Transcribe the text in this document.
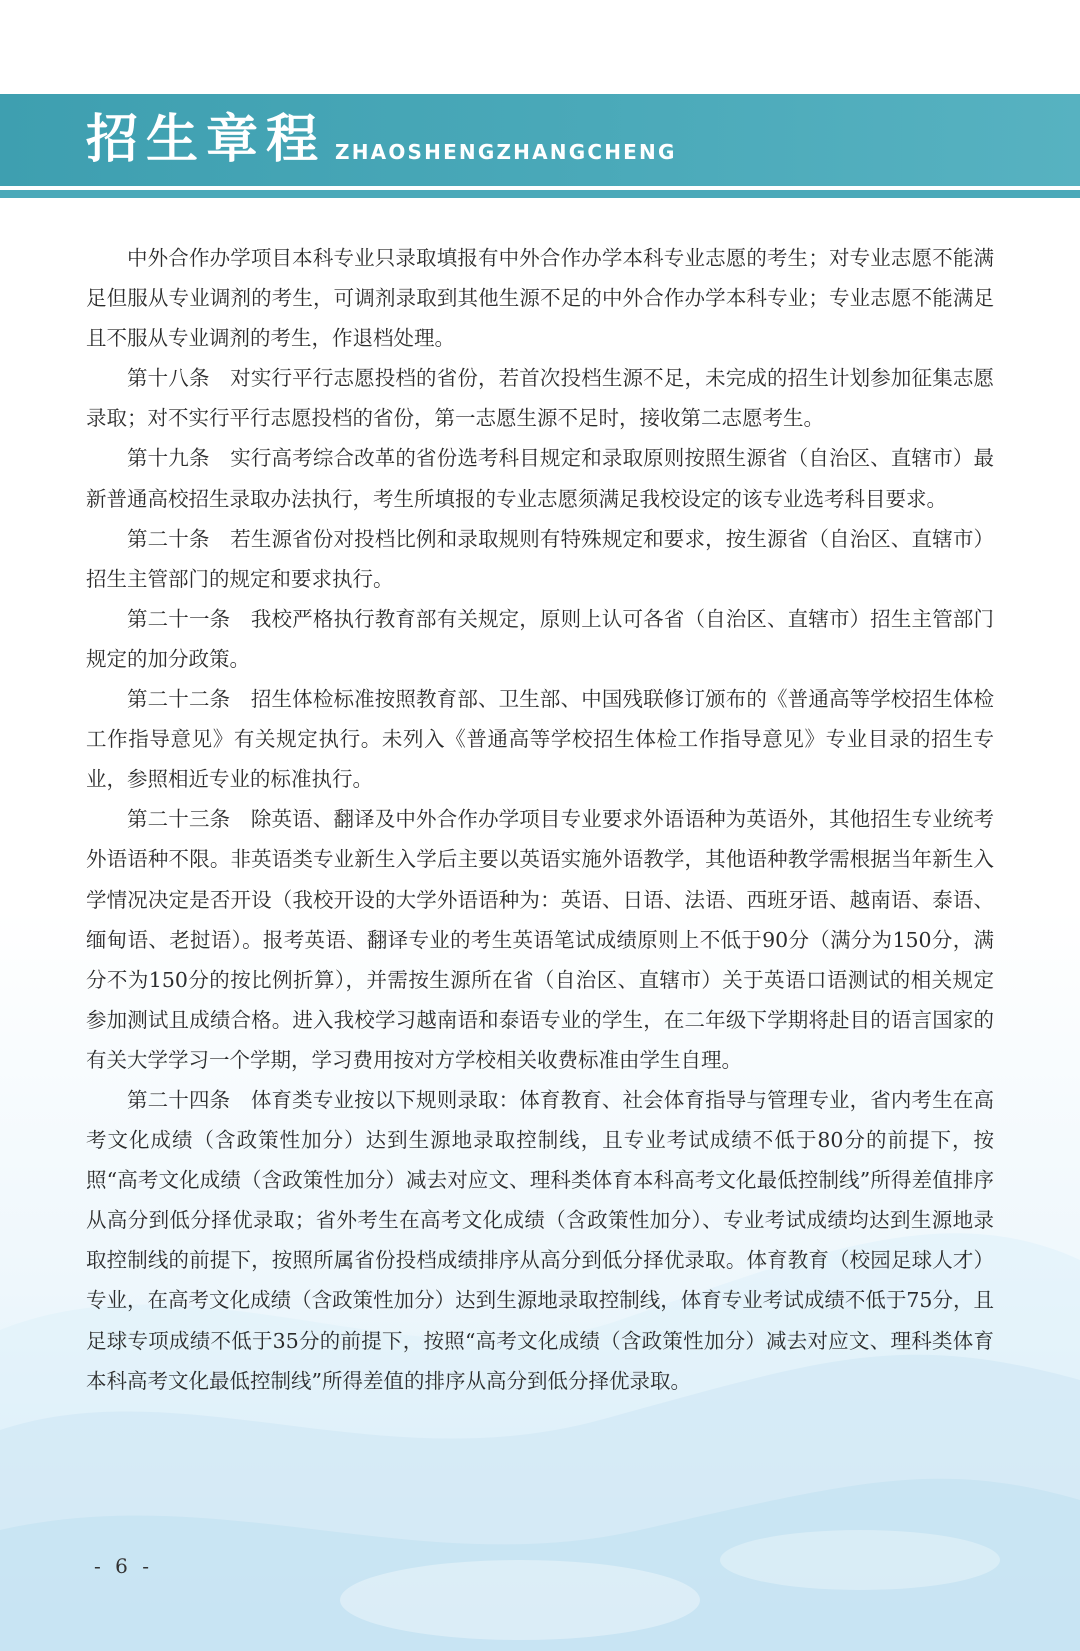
招生章程 ZHAOSHENGZHANGCHENG

中外合作办学项目本科专业只录取填报有中外合作办学本科专业志愿的考生；对专业志愿不能满足但服从专业调剂的考生，可调剂录取到其他生源不足的中外合作办学本科专业；专业志愿不能满足且不服从专业调剂的考生，作退档处理。

第十八条　对实行平行志愿投档的省份，若首次投档生源不足，未完成的招生计划参加征集志愿录取；对不实行平行志愿投档的省份，第一志愿生源不足时，接收第二志愿考生。

第十九条　实行高考综合改革的省份选考科目规定和录取原则按照生源省（自治区、直辖市）最新普通高校招生录取办法执行，考生所填报的专业志愿须满足我校设定的该专业选考科目要求。

第二十条　若生源省份对投档比例和录取规则有特殊规定和要求，按生源省（自治区、直辖市）招生主管部门的规定和要求执行。

第二十一条　我校严格执行教育部有关规定，原则上认可各省（自治区、直辖市）招生主管部门规定的加分政策。

第二十二条　招生体检标准按照教育部、卫生部、中国残联修订颁布的《普通高等学校招生体检工作指导意见》有关规定执行。未列入《普通高等学校招生体检工作指导意见》专业目录的招生专业，参照相近专业的标准执行。

第二十三条　除英语、翻译及中外合作办学项目专业要求外语语种为英语外，其他招生专业统考外语语种不限。非英语类专业新生入学后主要以英语实施外语教学，其他语种教学需根据当年新生入学情况决定是否开设（我校开设的大学外语语种为：英语、日语、法语、西班牙语、越南语、泰语、缅甸语、老挝语）。报考英语、翻译专业的考生英语笔试成绩原则上不低于90分（满分为150分，满分不为150分的按比例折算），并需按生源所在省（自治区、直辖市）关于英语口语测试的相关规定参加测试且成绩合格。进入我校学习越南语和泰语专业的学生，在二年级下学期将赴目的语言国家的有关大学学习一个学期，学习费用按对方学校相关收费标准由学生自理。

第二十四条　体育类专业按以下规则录取：体育教育、社会体育指导与管理专业，省内考生在高考文化成绩（含政策性加分）达到生源地录取控制线，且专业考试成绩不低于80分的前提下，按照“高考文化成绩（含政策性加分）减去对应文、理科类体育本科高考文化最低控制线”所得差值排序从高分到低分择优录取；省外考生在高考文化成绩（含政策性加分）、专业考试成绩均达到生源地录取控制线的前提下，按照所属省份投档成绩排序从高分到低分择优录取。体育教育（校园足球人才）专业，在高考文化成绩（含政策性加分）达到生源地录取控制线，体育专业考试成绩不低于75分，且足球专项成绩不低于35分的前提下，按照“高考文化成绩（含政策性加分）减去对应文、理科类体育本科高考文化最低控制线”所得差值的排序从高分到低分择优录取。

- 6 -
